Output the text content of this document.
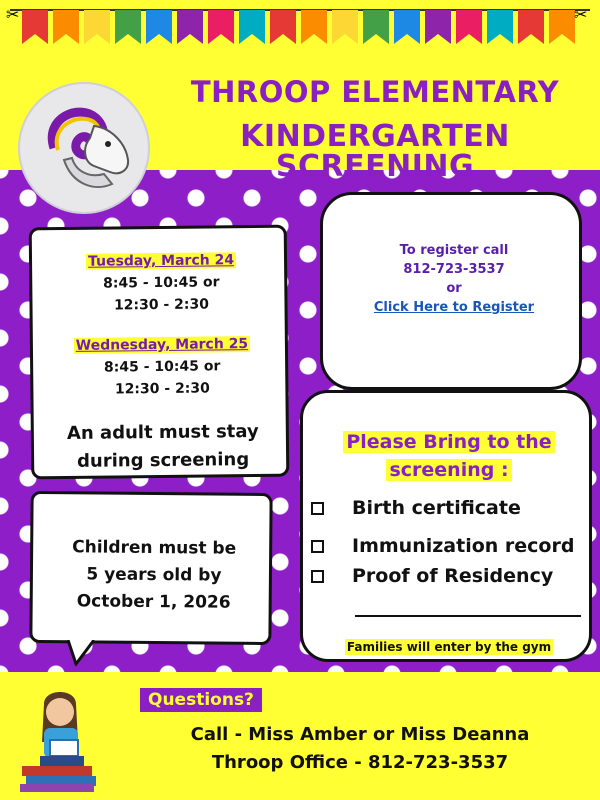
✂	✂
THROOP ELEMENTARY
KINDERGARTEN SCREENING
Tuesday, March 24
8:45 - 10:45 or
12:30 - 2:30
Wednesday, March 25
8:45 - 10:45 or
12:30 - 2:30
An adult must stay
during screening
To register call
812-723-3537
or
Click Here to Register
Children must be
5 years old by
October 1, 2026
Please Bring to the
screening :
Birth certificate
Immunization record
Proof of Residency
Families will enter by the gym
Questions?
Call - Miss Amber or Miss Deanna
Throop Office - 812-723-3537
